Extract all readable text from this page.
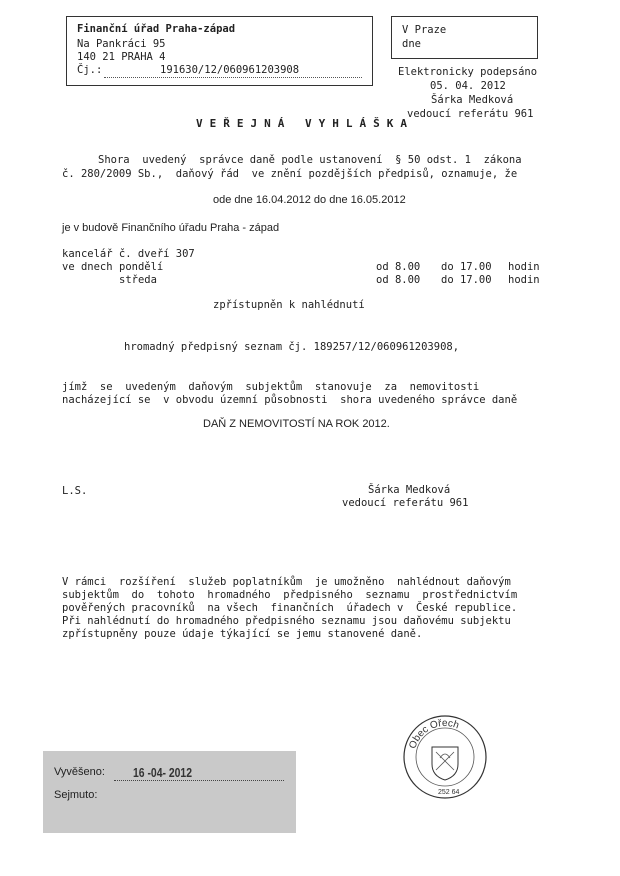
Finanční úřad Praha-západ
Na Pankráci 95
140 21 PRAHA 4
Čj.:	191630/12/060961203908
V Praze
dne
Elektronicky podepsáno
05. 04. 2012
Šárka Medková
vedoucí referátu 961
VEŘEJNÁ VYHLÁŠKA
Shora  uvedený  správce daně podle ustanovení  § 50 odst. 1  zákona
č. 280/2009 Sb.,  daňový řád  ve znění pozdějších předpisů, oznamuje, že
ode dne 16.04.2012 do dne 16.05.2012
je v budově Finančního úřadu Praha - západ
kancelář č. dveří 307
ve dnech pondělí	od 8.00 do 17.00 hodin
středa	od 8.00 do 17.00 hodin
zpřístupněn k nahlédnutí
hromadný předpisný seznam čj. 189257/12/060961203908,
jímž  se  uvedeným  daňovým  subjektům  stanovuje  za  nemovitosti
nacházející se  v obvodu územní působnosti  shora uvedeného správce daně
DAŇ Z NEMOVITOSTÍ NA ROK 2012.
L.S.	Šárka Medková
vedoucí referátu 961
V rámci  rozšíření  služeb poplatníkům  je umožněno  nahlédnout daňovým
subjektům  do  tohoto  hromadného  předpisného  seznamu  prostřednictvím
pověřených pracovníků  na všech  finančních  úřadech v  České republice.
Při nahlédnutí do hromadného předpisného seznamu jsou daňovému subjektu
zpřístupněny pouze údaje týkající se jemu stanovené daně.
Obec Ořech
252 64
Vyvěšeno: 16 -04- 2012
Sejmuto:
